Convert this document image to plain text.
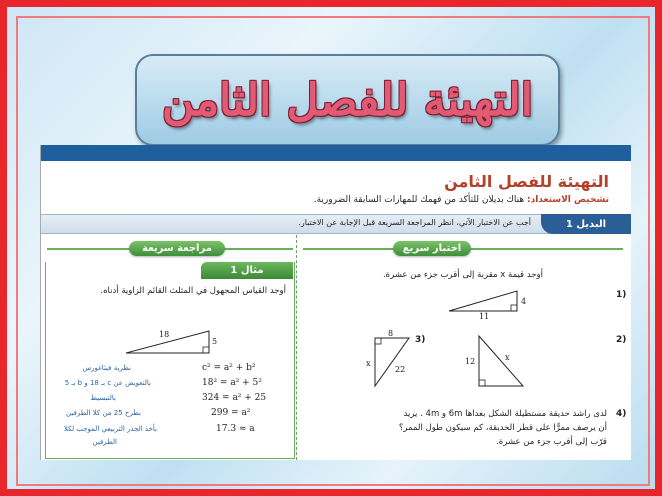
التهيئة للفصل الثامن
التهيئة للفصل الثامن
تشخيص الاستعداد: هناك بديلان للتأكد من فهمك للمهارات السابقة الضرورية.
البديل 1
أجب عن الاختبار الآتي، انظر المراجعة السريعة قبل الإجابة عن الاختبار.
اختبار سريع
مراجعة سريعة
مثال 1
أوجد القياس المجهول في المثلث القائم الزاوية أدناه.
18
5
c² = a² + b²
نظرية فيثاغورس
18² = a² + 5²
بالتعويض عن c بـ 18 و b بـ 5
324 = a² + 25
بالتبسيط
299 = a²
بطرح 25 من كلا الطرفين
17.3 ≈ a
بأخذ الجذر التربيعي الموجب لكلا
الطرفين
أوجد قيمة x مقربة إلى أقرب جزء من عشرة.
1)
4
11
2)
12	x
3)
8
x
22
4)
لدى راشد حديقة مستطيلة الشكل بعداها 6m و 4m . يريد
أن يرصف ممرًّا على قطر الحديقة، كم سيكون طول الممر؟
قرّب إلى أقرب جزء من عشرة.
